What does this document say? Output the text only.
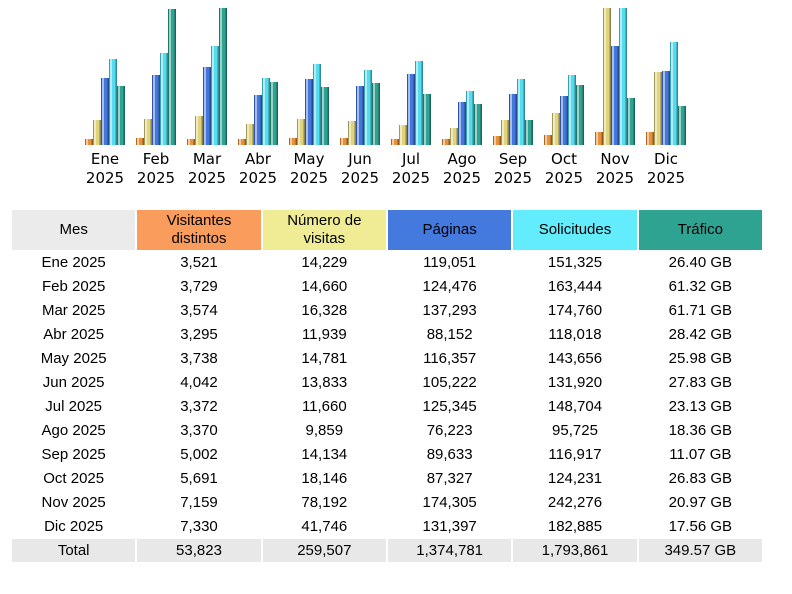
Ene
2025
Feb
2025
Mar
2025
Abr
2025
May
2025
Jun
2025
Jul
2025
Ago
2025
Sep
2025
Oct
2025
Nov
2025
Dic
2025
Mes	Visitantes distintos	Número de visitas	Páginas	Solicitudes	Tráfico
Ene 2025	3,521	14,229	119,051	151,325	26.40 GB
Feb 2025	3,729	14,660	124,476	163,444	61.32 GB
Mar 2025	3,574	16,328	137,293	174,760	61.71 GB
Abr 2025	3,295	11,939	88,152	118,018	28.42 GB
May 2025	3,738	14,781	116,357	143,656	25.98 GB
Jun 2025	4,042	13,833	105,222	131,920	27.83 GB
Jul 2025	3,372	11,660	125,345	148,704	23.13 GB
Ago 2025	3,370	9,859	76,223	95,725	18.36 GB
Sep 2025	5,002	14,134	89,633	116,917	11.07 GB
Oct 2025	5,691	18,146	87,327	124,231	26.83 GB
Nov 2025	7,159	78,192	174,305	242,276	20.97 GB
Dic 2025	7,330	41,746	131,397	182,885	17.56 GB
Total	53,823	259,507	1,374,781	1,793,861	349.57 GB
